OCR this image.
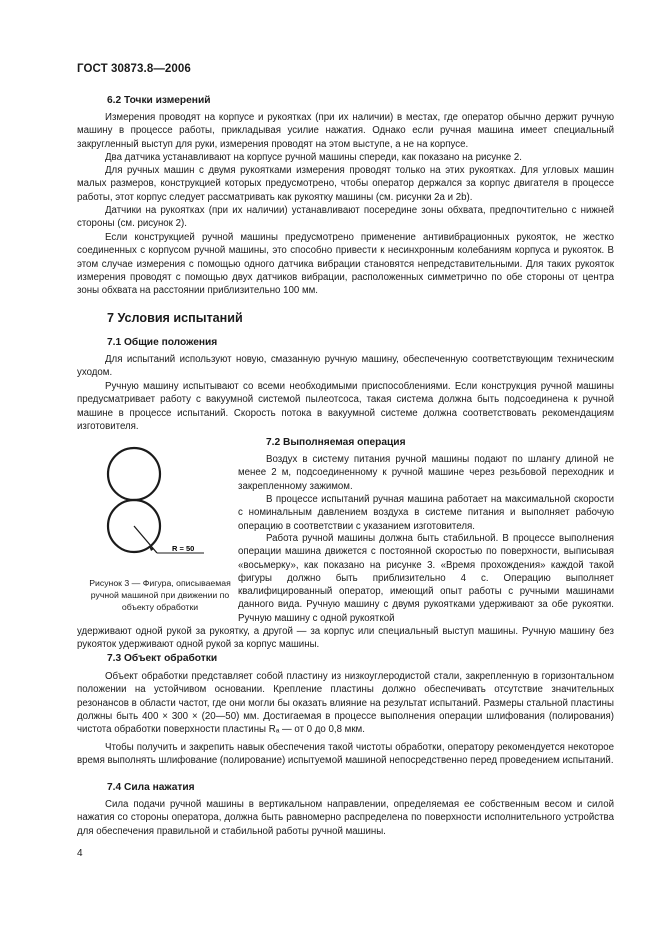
ГОСТ 30873.8—2006
6.2 Точки измерений
Измерения проводят на корпусе и рукоятках (при их наличии) в местах, где оператор обычно держит ручную машину в процессе работы, прикладывая усилие нажатия. Однако если ручная машина имеет специальный закругленный выступ для руки, измерения проводят на этом выступе, а не на корпусе.
Два датчика устанавливают на корпусе ручной машины спереди, как показано на рисунке 2.
Для ручных машин с двумя рукоятками измерения проводят только на этих рукоятках. Для угловых машин малых размеров, конструкцией которых предусмотрено, чтобы оператор держался за корпус двигателя в процессе работы, этот корпус следует рассматривать как рукоятку машины (см. рисунки 2а и 2b).
Датчики на рукоятках (при их наличии) устанавливают посередине зоны обхвата, предпочтительно с нижней стороны (см. рисунок 2).
Если конструкцией ручной машины предусмотрено применение антивибрационных рукояток, не жестко соединенных с корпусом ручной машины, это способно привести к несинхронным колебаниям корпуса и рукояток. В этом случае измерения с помощью одного датчика вибрации становятся непредставительными. Для таких рукояток измерения проводят с помощью двух датчиков вибрации, расположенных симметрично по обе стороны от центра зоны обхвата на расстоянии приблизительно 100 мм.
7 Условия испытаний
7.1 Общие положения
Для испытаний используют новую, смазанную ручную машину, обеспеченную соответствующим техническим уходом.
Ручную машину испытывают со всеми необходимыми приспособлениями. Если конструкция ручной машины предусматривает работу с вакуумной системой пылеотсоса, такая система должна быть подсоединена к ручной машине в процессе испытаний. Скорость потока в вакуумной системе должна соответствовать рекомендациям изготовителя.
7.2 Выполняемая операция
Воздух в систему питания ручной машины подают по шлангу длиной не менее 2 м, подсоединенному к ручной машине через резьбовой переходник и закрепленному зажимом.
В процессе испытаний ручная машина работает на максимальной скорости с номинальным давлением воздуха в системе питания и выполняет рабочую операцию в соответствии с указанием изготовителя.
Работа ручной машины должна быть стабильной. В процессе выполнения операции машина движется с постоянной скоростью по поверхности, выписывая «восьмерку», как показано на рисунке 3. «Время прохождения» каждой такой фигуры должно быть приблизительно 4 с. Операцию выполняет квалифицированный оператор, имеющий опыт работы с ручными машинами данного вида. Ручную машину с двумя рукоятками удерживают за обе рукоятки. Ручную машину с одной рукояткой
удерживают одной рукой за рукоятку, а другой — за корпус или специальный выступ машины. Ручную машину без рукояток удерживают одной рукой за корпус машины.
R = 50
Рисунок 3 — Фигура, описываемая ручной машиной при движении по объекту обработки
7.3 Объект обработки
Объект обработки представляет собой пластину из низкоуглеродистой стали, закрепленную в горизонтальном положении на устойчивом основании. Крепление пластины должно обеспечивать отсутствие значительных резонансов в области частот, где они могли бы оказать влияние на результат испытаний. Размеры стальной пластины должны быть 400 × 300 × (20—50) мм. Достигаемая в процессе выполнения операции шлифования (полирования) чистота обработки поверхности пластины Rₐ — от 0 до 0,8 мкм.
Чтобы получить и закрепить навык обеспечения такой чистоты обработки, оператору рекомендуется некоторое время выполнять шлифование (полирование) испытуемой машиной непосредственно перед проведением испытаний.
7.4 Сила нажатия
Сила подачи ручной машины в вертикальном направлении, определяемая ее собственным весом и силой нажатия со стороны оператора, должна быть равномерно распределена по поверхности исполнительного устройства для обеспечения правильной и стабильной работы ручной машины.
4
